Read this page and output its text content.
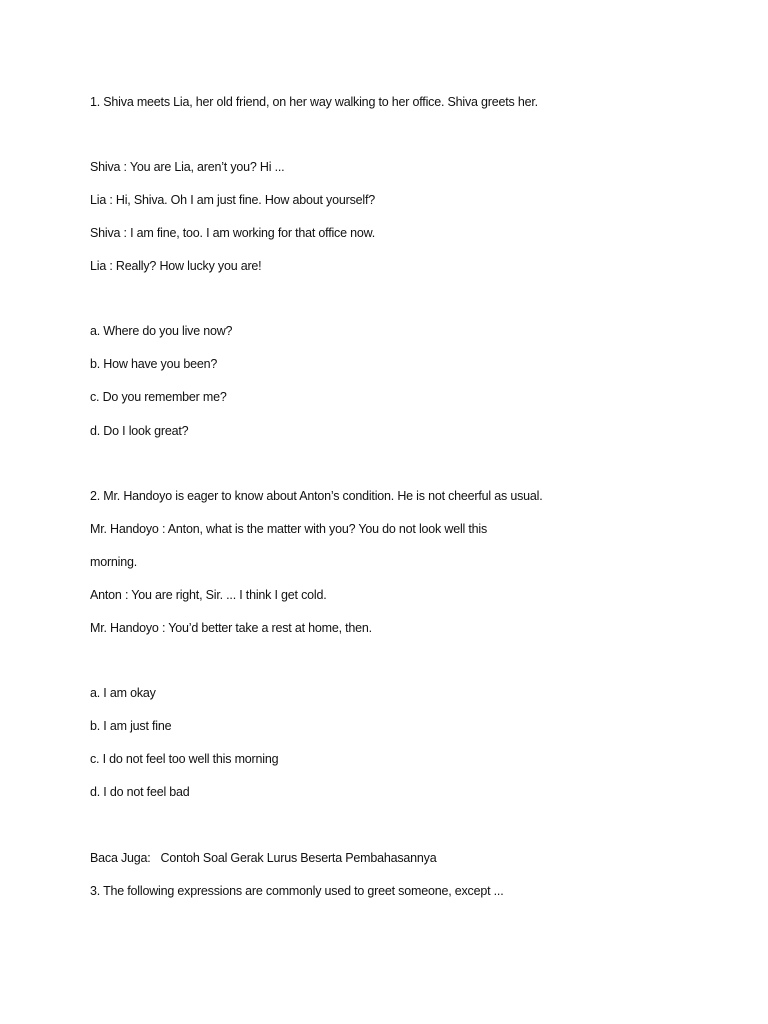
1. Shiva meets Lia, her old friend, on her way walking to her office. Shiva greets her.
Shiva : You are Lia, aren’t you? Hi ...
Lia : Hi, Shiva. Oh I am just fine. How about yourself?
Shiva : I am fine, too. I am working for that office now.
Lia : Really? How lucky you are!
a. Where do you live now?
b. How have you been?
c. Do you remember me?
d. Do I look great?
2. Mr. Handoyo is eager to know about Anton’s condition. He is not cheerful as usual.
Mr. Handoyo : Anton, what is the matter with you? You do not look well this
morning.
Anton : You are right, Sir. ... I think I get cold.
Mr. Handoyo : You’d better take a rest at home, then.
a. I am okay
b. I am just fine
c. I do not feel too well this morning
d. I do not feel bad
Baca Juga: Contoh Soal Gerak Lurus Beserta Pembahasannya
3. The following expressions are commonly used to greet someone, except ...
